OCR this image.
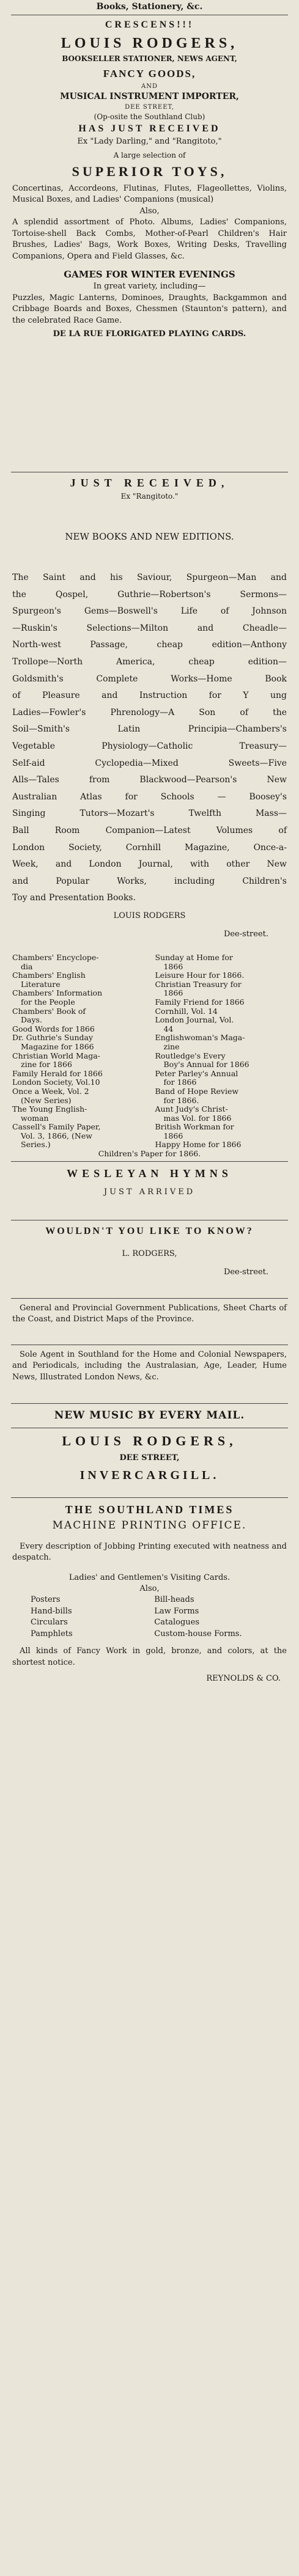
Books, Stationery, &c.
CRESCENS!!!
LOUIS RODGERS,
BOOKSELLER STATIONER, NEWS AGENT,
FANCY GOODS,
AND
MUSICAL INSTRUMENT IMPORTER,
DEE STREET,
(Op-osite the Southland Club)
HAS JUST RECEIVED
Ex "Lady Darling," and "Rangitoto,"
A large selection of
SUPERIOR TOYS,
Concertinas, Accordeons, Flutinas, Flutes, Flageollettes, Violins, Musical Boxes, and Ladies' Companions (musical)
Also,
A splendid assortment of Photo. Albums, Ladies' Companions, Tortoise-shell Back Combs, Mother-of-Pearl Children's Hair Brushes, Ladies' Bags, Work Boxes, Writing Desks, Travelling Companions, Opera and Field Glasses, &c.
GAMES FOR WINTER EVENINGS
In great variety, including—
Puzzles, Magic Lanterns, Dominoes, Draughts, Backgammon and Cribbage Boards and Boxes, Chessmen (Staunton's pattern), and the celebrated Race Game.
DE LA RUE FLORIGATED PLAYING CARDS.
JUST RECEIVED,
Ex "Rangitoto."
NEW BOOKS AND NEW EDITIONS.
The Saint and his Saviour, Spurgeon—Man and
the Qospel, Guthrie—Robertson's Sermons—
Spurgeon's Gems—Boswell's Life of Johnson
—Ruskin's Selections—Milton and Cheadle—
North-west Passage, cheap edition—Anthony
Trollope—North America, cheap edition—
Goldsmith's Complete Works—Home Book
of Pleasure and Instruction for Y ung
Ladies—Fowler's Phrenology—A Son of the
Soil—Smith's Latin Principia—Chambers's
Vegetable Physiology—Catholic Treasury—
Self-aid Cyclopedia—Mixed Sweets—Five
Alls—Tales from Blackwood—Pearson's New
Australian Atlas for Schools — Boosey's
Singing Tutors—Mozart's Twelfth Mass—
Ball Room Companion—Latest Volumes of
London Society, Cornhill Magazine, Once-a-
Week, and London Journal, with other New
and Popular Works, including Children's
Toy and Presentation Books.
LOUIS RODGERS
Dee-street.
Chambers' Encyclope-
dia
Chambers' English
Literature
Chambers' Information
for the People
Chambers' Book of
Days.
Good Words for 1866
Dr. Guthrie's Sunday
Magazine for 1866
Christian World Maga-
zine for 1866
Family Herald for 1866
London Society, Vol.10
Once a Week, Vol. 2
(New Series)
The Young English-
woman
Cassell's Family Paper,
Vol. 3, 1866, (New
Series.)
Sunday at Home for
1866
Leisure Hour for 1866.
Christian Treasury for
1866
Family Friend for 1866
Cornhill, Vol. 14
London Journal, Vol.
44
Englishwoman's Maga-
zine
Routledge's Every
Boy's Annual for 1866
Peter Parley's Annual
for 1866
Band of Hope Review
for 1866.
Aunt Judy's Christ-
mas Vol. for 1866
British Workman for
1866
Happy Home for 1866
Children's Paper for 1866.
WESLEYAN HYMNS
JUST ARRIVED
WOULDN'T YOU LIKE TO KNOW?
L. RODGERS,
Dee-street.
General and Provincial Government Publications, Sheet Charts of the Coast, and District Maps of the Province.
Sole Agent in Southland for the Home and Colonial Newspapers, and Periodicals, including the Australasian, Age, Leader, Hume News, Illustrated London News, &c.
NEW MUSIC BY EVERY MAIL.
LOUIS RODGERS,
DEE STREET,
INVERCARGILL.
THE SOUTHLAND TIMES
MACHINE PRINTING OFFICE.
Every description of Jobbing Printing executed with neatness and despatch.
Ladies' and Gentlemen's Visiting Cards.
Also,
Posters
Hand-bills
Circulars
Pamphlets
Bill-heads
Law Forms
Catalogues
Custom-house Forms.
All kinds of Fancy Work in gold, bronze, and colors, at the shortest notice.
REYNOLDS & CO.
